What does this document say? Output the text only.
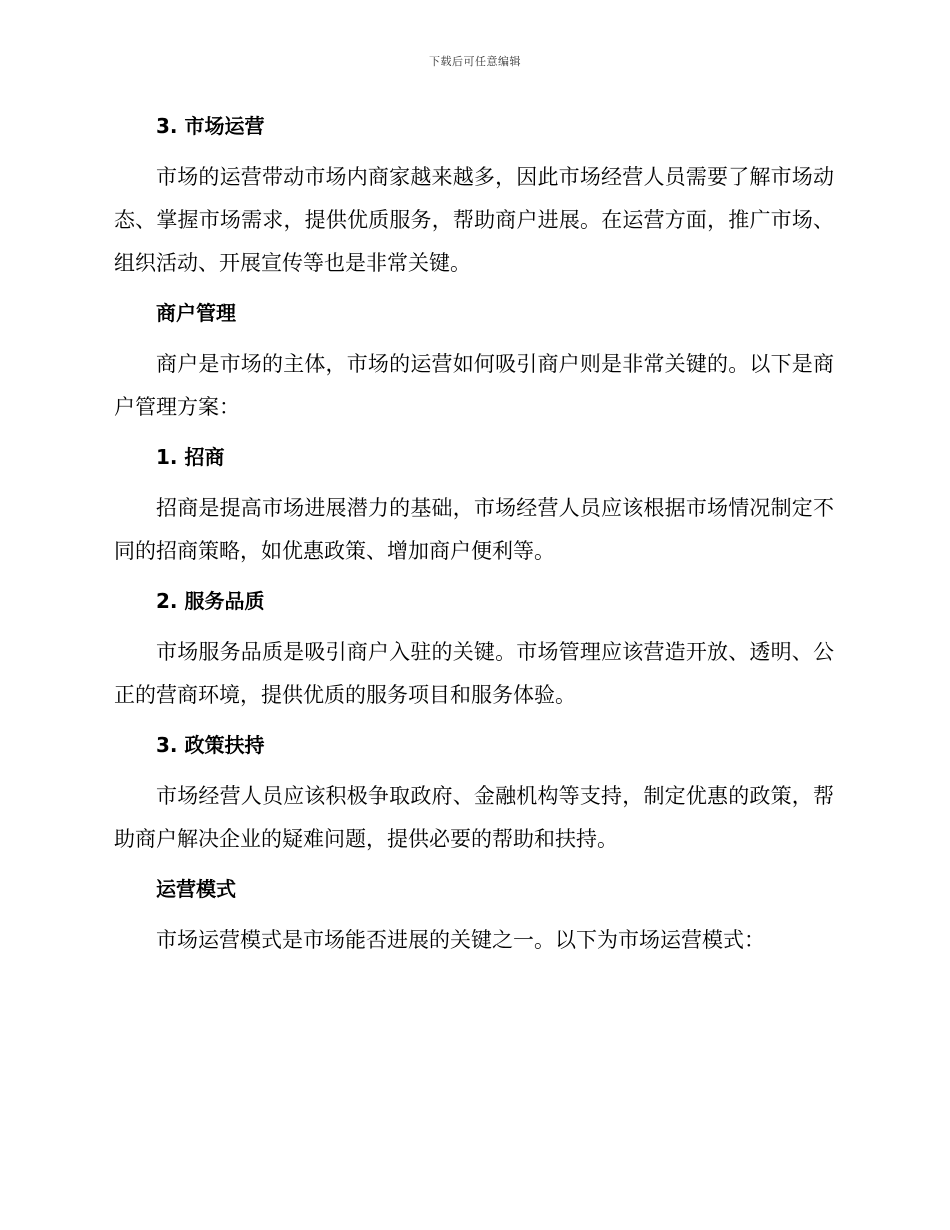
下载后可任意编辑
3. 市场运营

市场的运营带动市场内商家越来越多，因此市场经营人员需要了解市场动态、掌握市场需求，提供优质服务，帮助商户进展。在运营方面，推广市场、组织活动、开展宣传等也是非常关键。

商户管理

商户是市场的主体，市场的运营如何吸引商户则是非常关键的。以下是商户管理方案：

1. 招商

招商是提高市场进展潜力的基础，市场经营人员应该根据市场情况制定不同的招商策略，如优惠政策、增加商户便利等。

2. 服务品质

市场服务品质是吸引商户入驻的关键。市场管理应该营造开放、透明、公正的营商环境，提供优质的服务项目和服务体验。

3. 政策扶持

市场经营人员应该积极争取政府、金融机构等支持，制定优惠的政策，帮助商户解决企业的疑难问题，提供必要的帮助和扶持。

运营模式

市场运营模式是市场能否进展的关键之一。以下为市场运营模式：
